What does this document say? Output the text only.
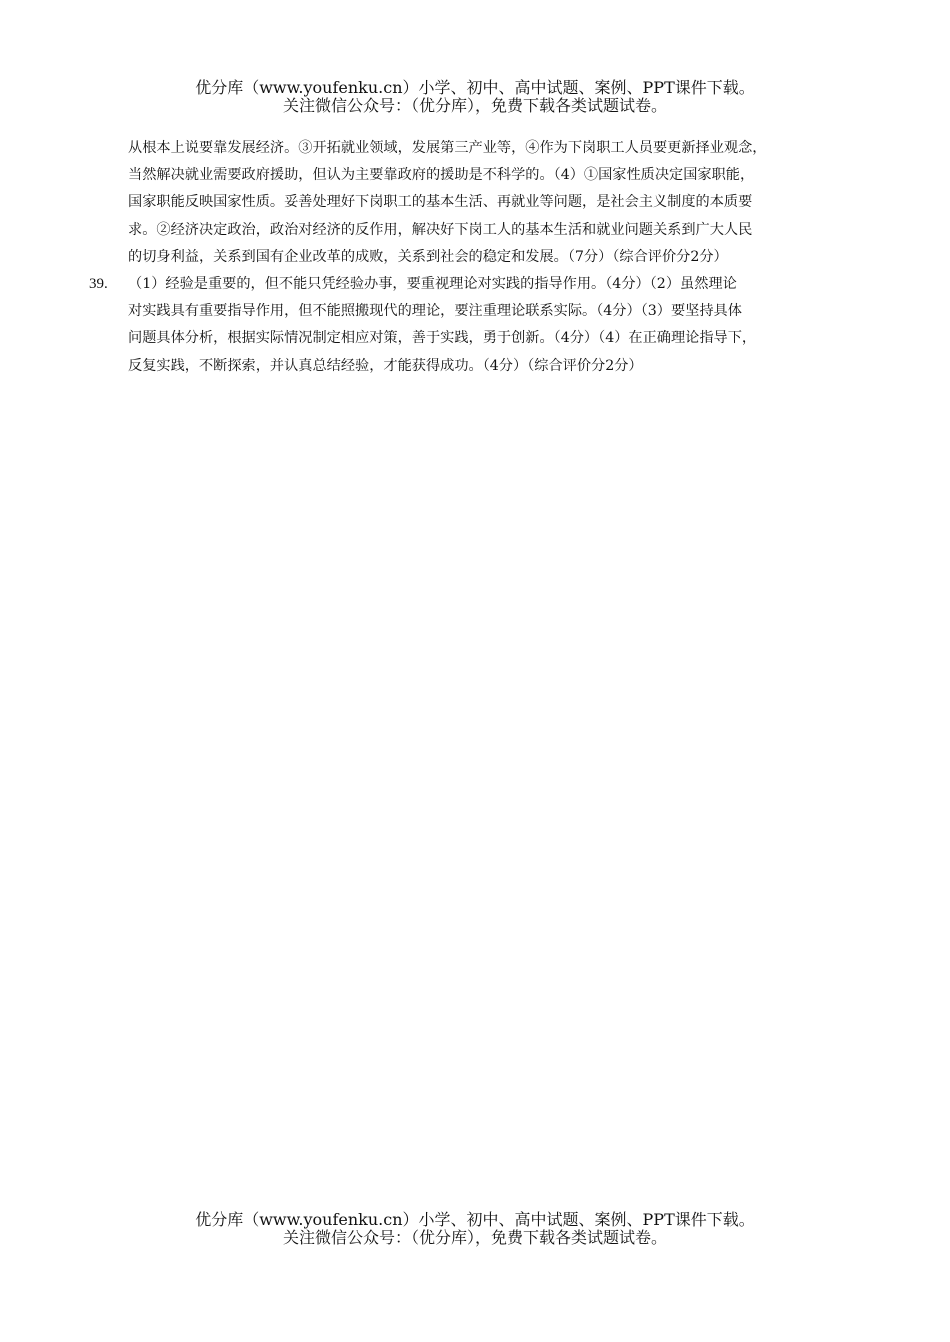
优分库（www.youfenku.cn）小学、初中、高中试题、案例、PPT课件下载。
关注微信公众号：（优分库），免费下载各类试题试卷。
从根本上说要靠发展经济。③开拓就业领域，发展第三产业等，④作为下岗职工人员要更新择业观念，
当然解决就业需要政府援助，但认为主要靠政府的援助是不科学的。（4）①国家性质决定国家职能，
国家职能反映国家性质。妥善处理好下岗职工的基本生活、再就业等问题，是社会主义制度的本质要
求。②经济决定政治，政治对经济的反作用，解决好下岗工人的基本生活和就业问题关系到广大人民
的切身利益，关系到国有企业改革的成败，关系到社会的稳定和发展。（7分）（综合评价分2分）
39. （1）经验是重要的，但不能只凭经验办事，要重视理论对实践的指导作用。（4分）（2）虽然理论
对实践具有重要指导作用，但不能照搬现代的理论，要注重理论联系实际。（4分）（3）要坚持具体
问题具体分析，根据实际情况制定相应对策，善于实践，勇于创新。（4分）（4）在正确理论指导下，
反复实践，不断探索，并认真总结经验，才能获得成功。（4分）（综合评价分2分）
优分库（www.youfenku.cn）小学、初中、高中试题、案例、PPT课件下载。
关注微信公众号：（优分库），免费下载各类试题试卷。
